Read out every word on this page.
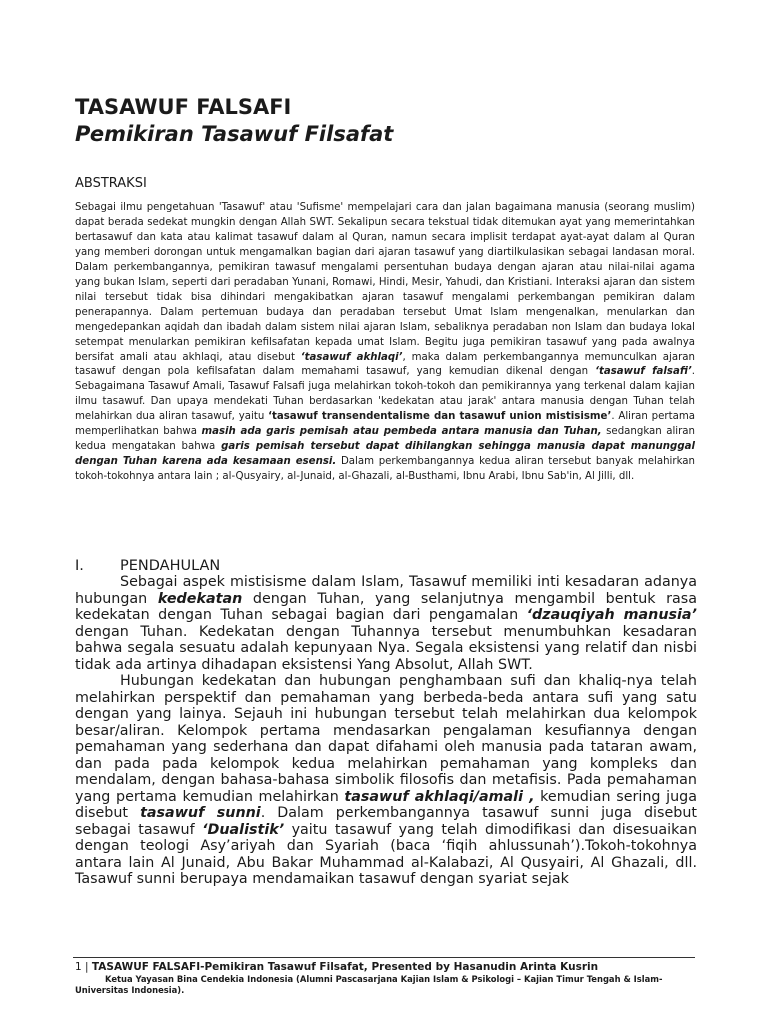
TASAWUF FALSAFI
Pemikiran Tasawuf Filsafat
ABSTRAKSI

Sebagai ilmu pengetahuan 'Tasawuf' atau 'Sufisme' mempelajari cara dan jalan bagaimana manusia (seorang muslim) dapat berada sedekat mungkin dengan Allah SWT. Sekalipun secara tekstual tidak ditemukan ayat yang memerintahkan bertasawuf dan kata atau kalimat tasawuf dalam al Quran, namun secara implisit terdapat ayat-ayat dalam al Quran yang memberi dorongan untuk mengamalkan bagian dari ajaran tasawuf yang diartilkulasikan sebagai landasan moral. Dalam perkembangannya, pemikiran tawasuf mengalami persentuhan budaya dengan ajaran atau nilai-nilai agama yang bukan Islam, seperti dari peradaban Yunani, Romawi, Hindi, Mesir, Yahudi, dan Kristiani. Interaksi ajaran dan sistem nilai tersebut tidak bisa dihindari mengakibatkan ajaran tasawuf mengalami perkembangan pemikiran dalam penerapannya. Dalam pertemuan budaya dan peradaban tersebut Umat Islam mengenalkan, menularkan dan mengedepankan aqidah dan ibadah dalam sistem nilai ajaran Islam, sebaliknya peradaban non Islam dan budaya lokal setempat menularkan pemikiran kefilsafatan kepada umat Islam. Begitu juga pemikiran tasawuf yang pada awalnya bersifat amali atau akhlaqi, atau disebut ‘tasawuf akhlaqi’, maka dalam perkembangannya memunculkan ajaran tasawuf dengan pola kefilsafatan dalam memahami tasawuf, yang kemudian dikenal dengan ‘tasawuf falsafi’. Sebagaimana Tasawuf Amali, Tasawuf Falsafi juga melahirkan tokoh-tokoh dan pemikirannya yang terkenal dalam kajian ilmu tasawuf. Dan upaya mendekati Tuhan berdasarkan 'kedekatan atau jarak' antara manusia dengan Tuhan telah melahirkan dua aliran tasawuf, yaitu ‘tasawuf transendentalisme dan tasawuf union mistisisme’. Aliran pertama memperlihatkan bahwa masih ada garis pemisah atau pembeda antara manusia dan Tuhan, sedangkan aliran kedua mengatakan bahwa garis pemisah tersebut dapat dihilangkan sehingga manusia dapat manunggal dengan Tuhan karena ada kesamaan esensi. Dalam perkembangannya kedua aliran tersebut banyak melahirkan tokoh-tokohnya antara lain ; al-Qusyairy, al-Junaid, al-Ghazali, al-Busthami, Ibnu Arabi, Ibnu Sab'in, Al Jilli, dll.

I. PENDAHULAN

Sebagai aspek mistisisme dalam Islam, Tasawuf memiliki inti kesadaran adanya hubungan kedekatan dengan Tuhan, yang selanjutnya mengambil bentuk rasa kedekatan dengan Tuhan sebagai bagian dari pengamalan ‘dzauqiyah manusia’ dengan Tuhan. Kedekatan dengan Tuhannya tersebut menumbuhkan kesadaran bahwa segala sesuatu adalah kepunyaan Nya. Segala eksistensi yang relatif dan nisbi tidak ada artinya dihadapan eksistensi Yang Absolut, Allah SWT.

Hubungan kedekatan dan hubungan penghambaan sufi dan khaliq-nya telah melahirkan perspektif dan pemahaman yang berbeda-beda antara sufi yang satu dengan yang lainya. Sejauh ini hubungan tersebut telah melahirkan dua kelompok besar/aliran. Kelompok pertama mendasarkan pengalaman kesufiannya dengan pemahaman yang sederhana dan dapat difahami oleh manusia pada tataran awam, dan pada pada kelompok kedua melahirkan pemahaman yang kompleks dan mendalam, dengan bahasa-bahasa simbolik filosofis dan metafisis. Pada pemahaman yang pertama kemudian melahirkan tasawuf akhlaqi/amali , kemudian sering juga disebut tasawuf sunni. Dalam perkembangannya tasawuf sunni juga disebut sebagai tasawuf ‘Dualistik’ yaitu tasawuf yang telah dimodifikasi dan disesuaikan dengan teologi Asy’ariyah dan Syariah (baca ‘fiqih ahlussunah’).Tokoh-tokohnya antara lain Al Junaid, Abu Bakar Muhammad al-Kalabazi, Al Qusyairi, Al Ghazali, dll. Tasawuf sunni berupaya mendamaikan tasawuf dengan syariat sejak

1 | TASAWUF FALSAFI-Pemikiran Tasawuf Filsafat, Presented by Hasanudin Arinta Kusrin

Ketua Yayasan Bina Cendekia Indonesia (Alumni Pascasarjana Kajian Islam & Psikologi – Kajian Timur Tengah & Islam-Universitas Indonesia).
